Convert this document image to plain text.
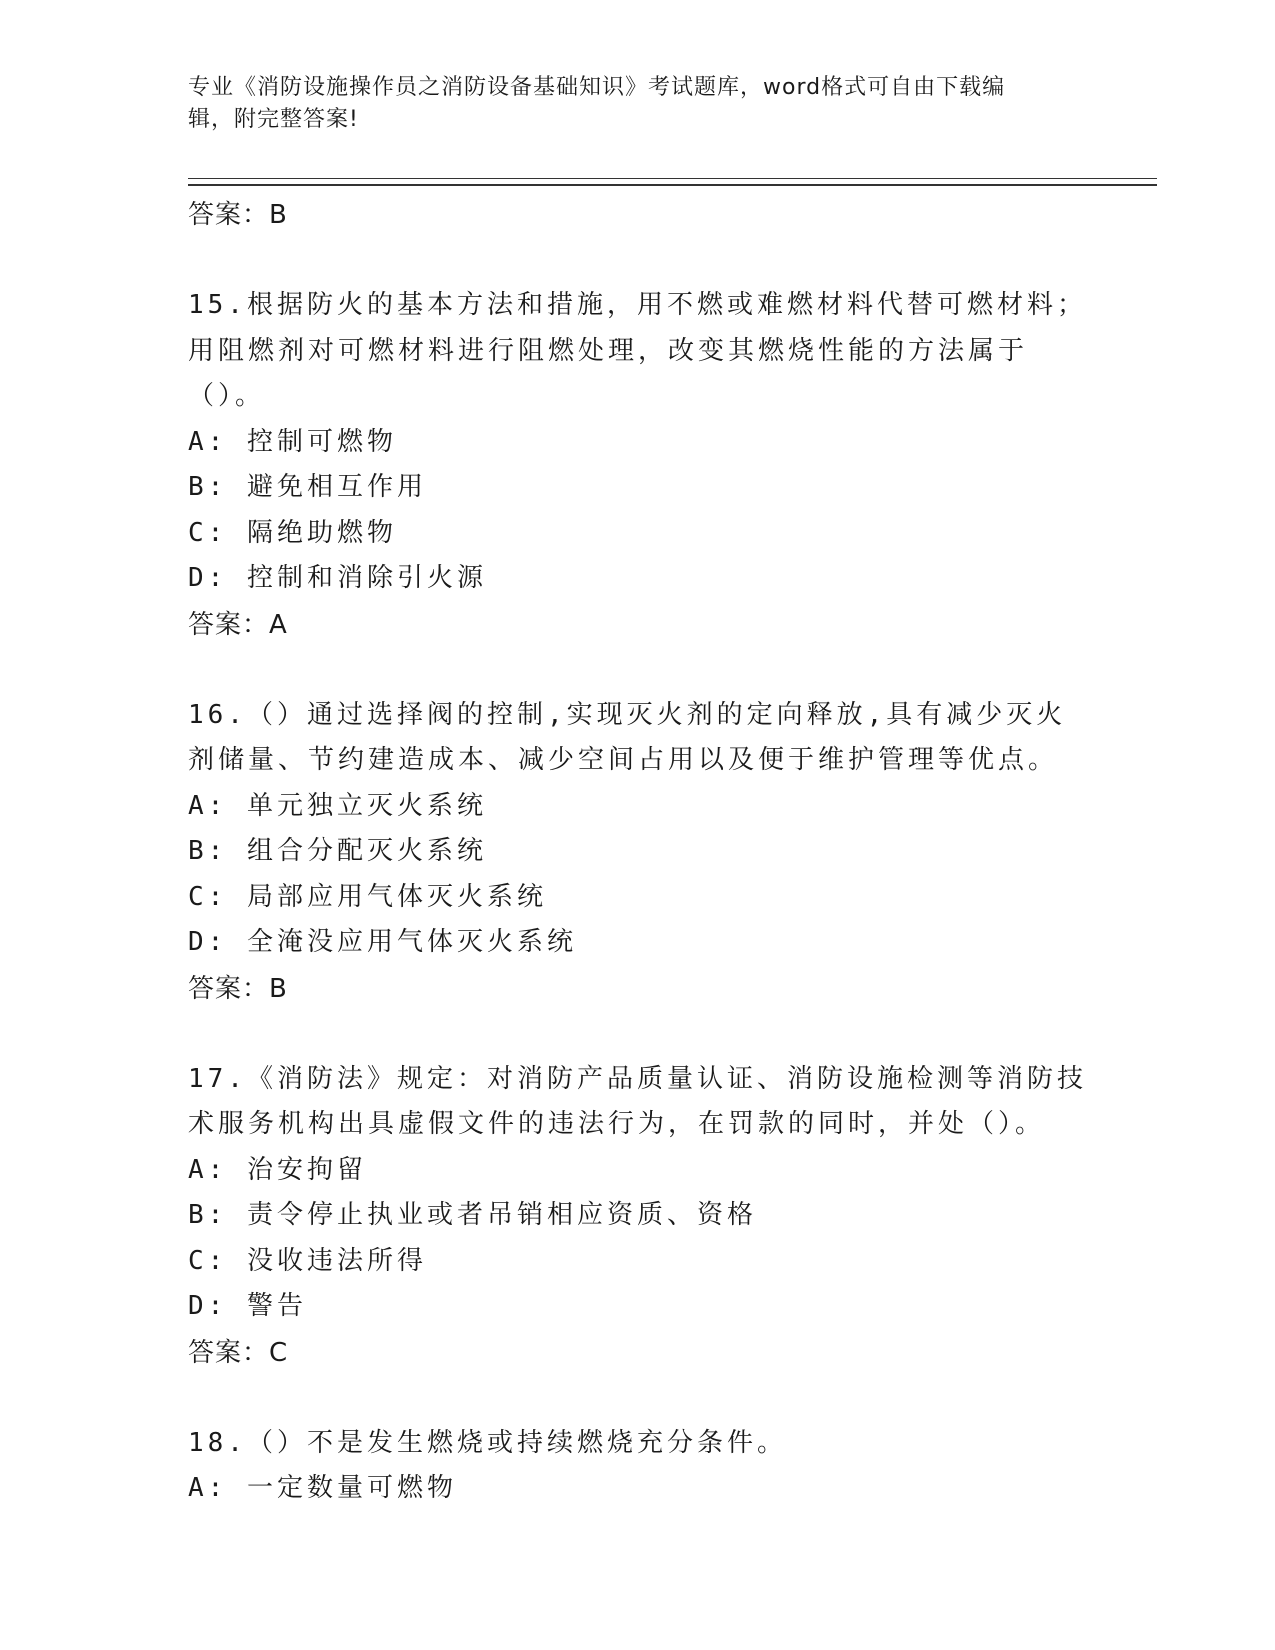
专业《消防设施操作员之消防设备基础知识》考试题库，word格式可自由下载编
辑，附完整答案!
答案：B

15.根据防火的基本方法和措施，用不燃或难燃材料代替可燃材料；用阻燃剂对可燃材料进行阻燃处理，改变其燃烧性能的方法属于（）。

A: 控制可燃物
B: 避免相互作用
C: 隔绝助燃物
D: 控制和消除引火源
答案：A

16.（）通过选择阀的控制,实现灭火剂的定向释放,具有减少灭火剂储量、节约建造成本、减少空间占用以及便于维护管理等优点。

A: 单元独立灭火系统
B: 组合分配灭火系统
C: 局部应用气体灭火系统
D: 全淹没应用气体灭火系统
答案：B

17.《消防法》规定：对消防产品质量认证、消防设施检测等消防技术服务机构出具虚假文件的违法行为，在罚款的同时，并处（）。

A: 治安拘留
B: 责令停止执业或者吊销相应资质、资格
C: 没收违法所得
D: 警告
答案：C

18.（）不是发生燃烧或持续燃烧充分条件。

A: 一定数量可燃物
